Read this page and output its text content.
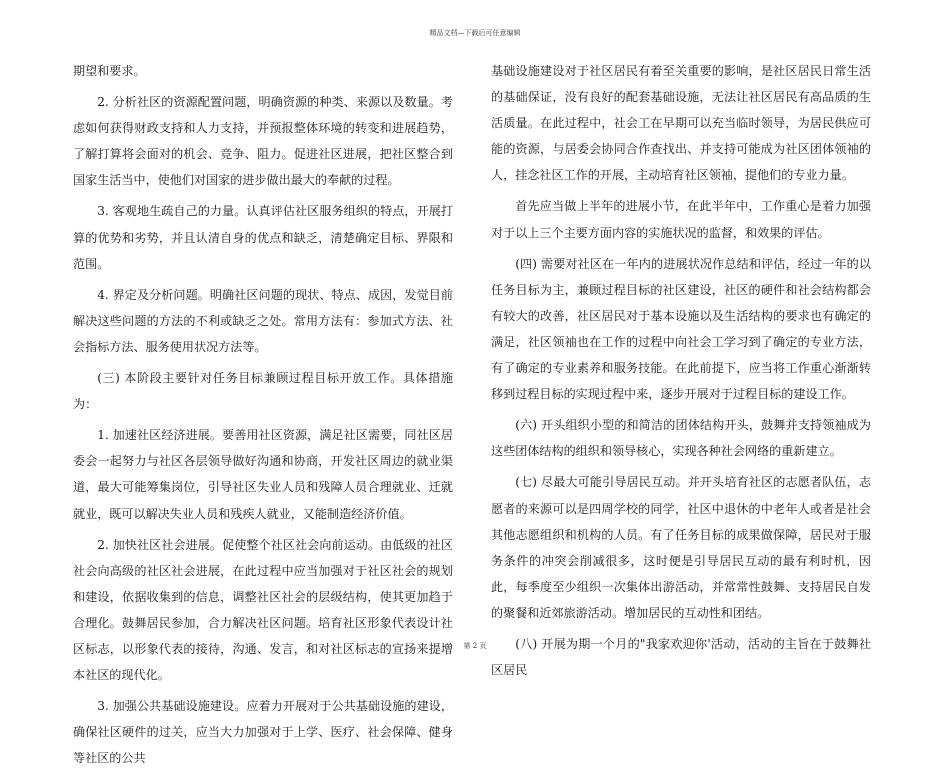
精品文档—下载后可任意编辑

期望和要求。

2. 分析社区的资源配置问题，明确资源的种类、来源以及数量。考虑如何获得财政支持和人力支持，并预报整体环境的转变和进展趋势，了解打算将会面对的机会、竞争、阻力。促进社区进展，把社区整合到国家生活当中，使他们对国家的进步做出最大的奉献的过程。

3. 客观地生疏自己的力量。认真评估社区服务组织的特点，开展打算的优势和劣势，并且认清自身的优点和缺乏，清楚确定目标、界限和范围。

4. 界定及分析问题。明确社区问题的现状、特点、成因，发觉目前解决这些问题的方法的不利或缺乏之处。常用方法有：参加式方法、社会指标方法、服务使用状况方法等。

(三) 本阶段主要针对任务目标兼顾过程目标开放工作。具体措施为：

1. 加速社区经济进展。要善用社区资源，满足社区需要，同社区居委会一起努力与社区各层领导做好沟通和协商，开发社区周边的就业渠道，最大可能筹集岗位，引导社区失业人员和残障人员合理就业、迁就就业，既可以解决失业人员和残疾人就业，又能制造经济价值。

2. 加快社区社会进展。促使整个社区社会向前运动。由低级的社区社会向高级的社区社会进展，在此过程中应当加强对于社区社会的规划和建设，依据收集到的信息，调整社区社会的层级结构，使其更加趋于合理化。鼓舞居民参加，合力解决社区问题。培育社区形象代表设计社区标志，以形象代表的接待，沟通、发言，和对社区标志的宣扬来提增本社区的现代化。

3. 加强公共基础设施建设。应着力开展对于公共基础设施的建设，确保社区硬件的过关，应当大力加强对于上学、医疗、社会保障、健身等社区的公共

基础设施建设对于社区居民有着至关重要的影响，是社区居民日常生活的基础保证，没有良好的配套基础设施，无法让社区居民有高品质的生活质量。在此过程中，社会工在早期可以充当临时领导，为居民供应可能的资源，与居委会协同合作查找出、并支持可能成为社区团体领袖的人，挂念社区工作的开展，主动培育社区领袖，提他们的专业力量。

首先应当做上半年的进展小节，在此半年中，工作重心是着力加强对于以上三个主要方面内容的实施状况的监督，和效果的评估。

(四) 需要对社区在一年内的进展状况作总结和评估，经过一年的以任务目标为主，兼顾过程目标的社区建设，社区的硬件和社会结构都会有较大的改善，社区居民对于基本设施以及生活结构的要求也有确定的满足，社区领袖也在工作的过程中向社会工学习到了确定的专业方法，有了确定的专业素养和服务技能。在此前提下，应当将工作重心渐渐转移到过程目标的实现过程中来，逐步开展对于过程目标的建设工作。

(六) 开头组织小型的和简洁的团体结构开头，鼓舞并支持领袖成为这些团体结构的组织和领导核心，实现各种社会网络的重新建立。

(七) 尽最大可能引导居民互动。并开头培育社区的志愿者队伍，志愿者的来源可以是四周学校的同学，社区中退休的中老年人或者是社会其他志愿组织和机构的人员。有了任务目标的成果做保障，居民对于服务条件的冲突会削减很多，这时便是引导居民互动的最有利时机，因此，每季度至少组织一次集体出游活动，并常常性鼓舞、支持居民自发的聚餐和近郊旅游活动。增加居民的互动性和团结。

(八) 开展为期一个月的"我家欢迎你'活动，活动的主旨在于鼓舞社区居民

第 2 页
